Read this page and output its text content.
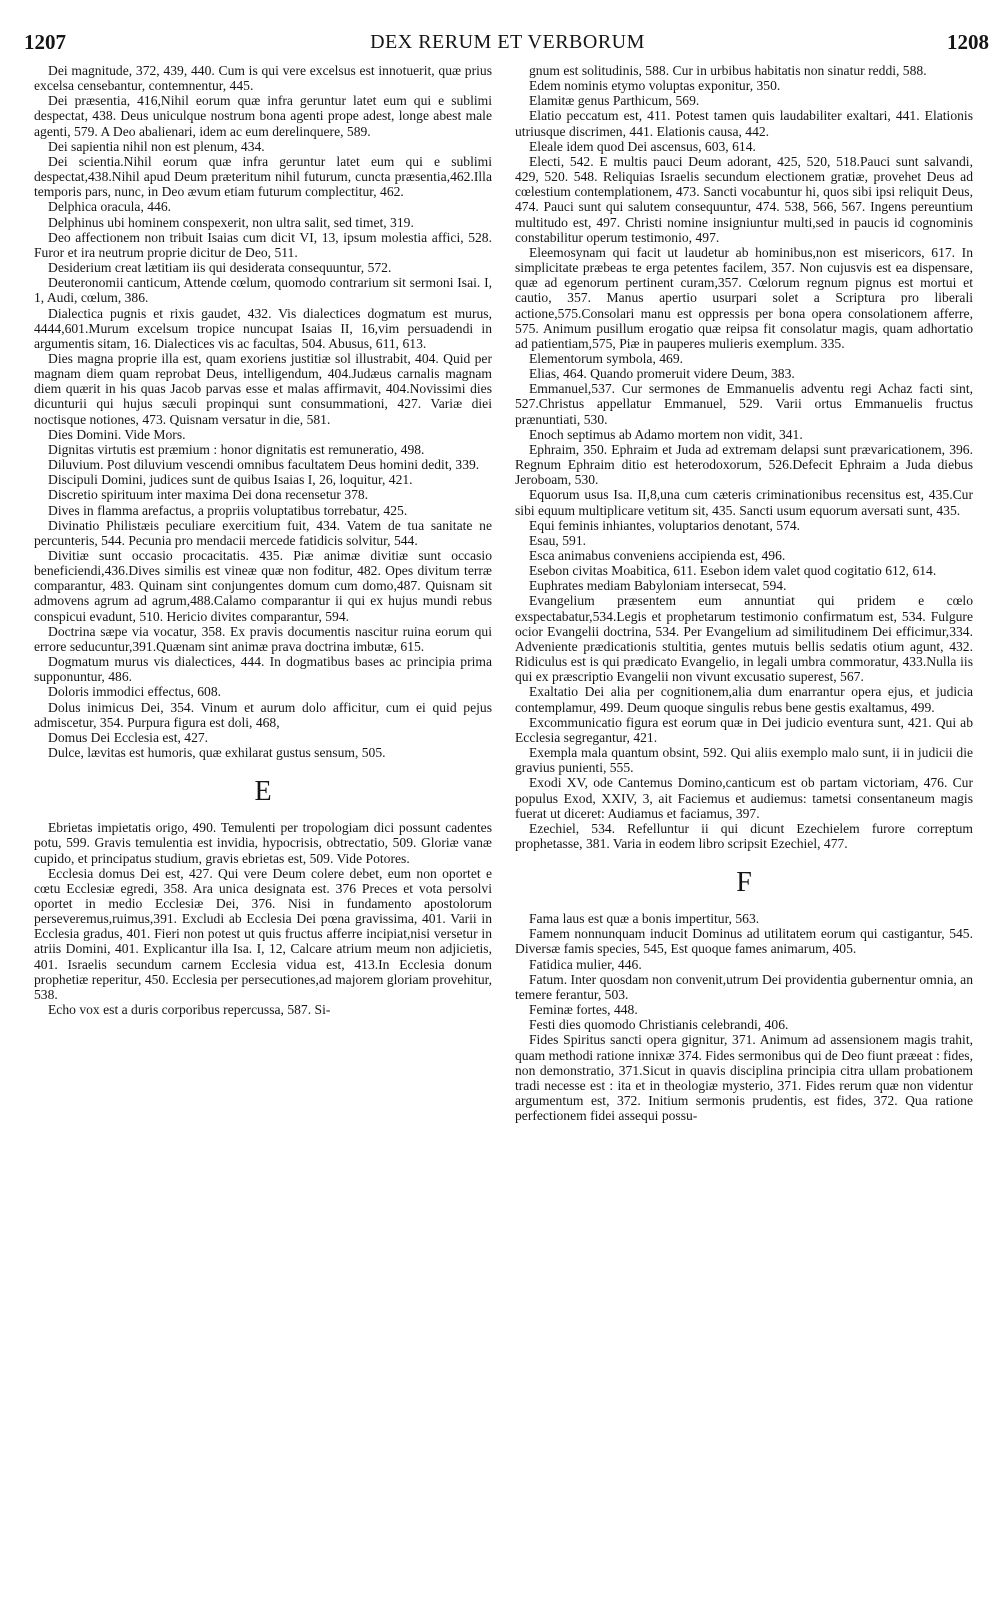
1207	DEX RERUM ET VERBORUM	1208

Dei magnitude, 372, 439, 440. Cum is qui vere excelsus est innotuerit, quæ prius excelsa censebantur, contemnentur, 445.

Dei præsentia, 416,Nihil eorum quæ infra geruntur latet eum qui e sublimi despectat, 438. Deus uniculque nostrum bona agenti prope adest, longe abest male agenti, 579. A Deo abalienari, idem ac eum derelinquere, 589.

Dei sapientia nihil non est plenum, 434.

Dei scientia.Nihil eorum quæ infra geruntur latet eum qui e sublimi despectat,438.Nihil apud Deum præteritum nihil futurum, cuncta præsentia,462.Illa temporis pars, nunc, in Deo ævum etiam futurum complectitur, 462.

Delphica oracula, 446.

Delphinus ubi hominem conspexerit, non ultra salit, sed timet, 319.

Deo affectionem non tribuit Isaias cum dicit VI, 13, ipsum molestia affici, 528. Furor et ira neutrum proprie dicitur de Deo, 511.

Desiderium creat lætitiam iis qui desiderata consequuntur, 572.

Deuteronomii canticum, Attende cœlum, quomodo contrarium sit sermoni Isai. I, 1, Audi, cœlum, 386.

Dialectica pugnis et rixis gaudet, 432. Vis dialectices dogmatum est murus, 4444,601.Murum excelsum tropice nuncupat Isaias II, 16,vim persuadendi in argumentis sitam, 16. Dialectices vis ac facultas, 504. Abusus, 611, 613.

Dies magna proprie illa est, quam exoriens justitiæ sol illustrabit, 404. Quid per magnam diem quam reprobat Deus, intelligendum, 404.Judæus carnalis magnam diem quærit in his quas Jacob parvas esse et malas affirmavit, 404.Novissimi dies dicunturii qui hujus sæculi propinqui sunt consummationi, 427. Variæ diei noctisque notiones, 473. Quisnam versatur in die, 581.

Dies Domini. Vide Mors.

Dignitas virtutis est præmium : honor dignitatis est remuneratio, 498.

Diluvium. Post diluvium vescendi omnibus facultatem Deus homini dedit, 339.

Discipuli Domini, judices sunt de quibus Isaias I, 26, loquitur, 421.

Discretio spirituum inter maxima Dei dona recensetur 378.

Dives in flamma arefactus, a propriis voluptatibus torrebatur, 425.

Divinatio Philistæis peculiare exercitium fuit, 434. Vatem de tua sanitate ne percunteris, 544. Pecunia pro mendacii mercede fatidicis solvitur, 544.

Divitiæ sunt occasio procacitatis. 435. Piæ animæ divitiæ sunt occasio beneficiendi,436.Dives similis est vineæ quæ non foditur, 482. Opes divitum terræ comparantur, 483. Quinam sint conjungentes domum cum domo,487. Quisnam sit admovens agrum ad agrum,488.Calamo comparantur ii qui ex hujus mundi rebus conspicui evadunt, 510. Hericio divites comparantur, 594.

Doctrina sæpe via vocatur, 358. Ex pravis documentis nascitur ruina eorum qui errore seducuntur,391.Quænam sint animæ prava doctrina imbutæ, 615.

Dogmatum murus vis dialectices, 444. In dogmatibus bases ac principia prima supponuntur, 486.

Doloris immodici effectus, 608.

Dolus inimicus Dei, 354. Vinum et aurum dolo afficitur, cum ei quid pejus admiscetur, 354. Purpura figura est doli, 468,

Domus Dei Ecclesia est, 427.

Dulce, lævitas est humoris, quæ exhilarat gustus sensum, 505.

E

Ebrietas impietatis origo, 490. Temulenti per tropologiam dici possunt cadentes potu, 599. Gravis temulentia est invidia, hypocrisis, obtrectatio, 509. Gloriæ vanæ cupido, et principatus studium, gravis ebrietas est, 509. Vide Potores.

Ecclesia domus Dei est, 427. Qui vere Deum colere debet, eum non oportet e cœtu Ecclesiæ egredi, 358. Ara unica designata est. 376 Preces et vota persolvi oportet in medio Ecclesiæ Dei, 376. Nisi in fundamento apostolorum perseveremus,ruimus,391. Excludi ab Ecclesia Dei pœna gravissima, 401. Varii in Ecclesia gradus, 401. Fieri non potest ut quis fructus afferre incipiat,nisi versetur in atriis Domini, 401. Explicantur illa Isa. I, 12, Calcare atrium meum non adjicietis, 401. Israelis secundum carnem Ecclesia vidua est, 413.In Ecclesia donum prophetiæ reperitur, 450. Ecclesia per persecutiones,ad majorem gloriam provehitur, 538.

Echo vox est a duris corporibus repercussa, 587. Si-

gnum est solitudinis, 588. Cur in urbibus habitatis non sinatur reddi, 588.

Edem nominis etymo voluptas exponitur, 350.

Elamitæ genus Parthicum, 569.

Elatio peccatum est, 411. Potest tamen quis laudabiliter exaltari, 441. Elationis utriusque discrimen, 441. Elationis causa, 442.

Eleale idem quod Dei ascensus, 603, 614.

Electi, 542. E multis pauci Deum adorant, 425, 520, 518.Pauci sunt salvandi, 429, 520. 548. Reliquias Israelis secundum electionem gratiæ, provehet Deus ad cœlestium contemplationem, 473. Sancti vocabuntur hi, quos sibi ipsi reliquit Deus, 474. Pauci sunt qui salutem consequuntur, 474. 538, 566, 567. Ingens pereuntium multitudo est, 497. Christi nomine insigniuntur multi,sed in paucis id cognominis constabilitur operum testimonio, 497.

Eleemosynam qui facit ut laudetur ab hominibus,non est misericors, 617. In simplicitate præbeas te erga petentes facilem, 357. Non cujusvis est ea dispensare, quæ ad egenorum pertinent curam,357. Cœlorum regnum pignus est mortui et cautio, 357. Manus apertio usurpari solet a Scriptura pro liberali actione,575.Consolari manu est oppressis per bona opera consolationem afferre, 575. Animum pusillum erogatio quæ reipsa fit consolatur magis, quam adhortatio ad patientiam,575, Piæ in pauperes mulieris exemplum. 335.

Elementorum symbola, 469.

Elias, 464. Quando promeruit videre Deum, 383.

Emmanuel,537. Cur sermones de Emmanuelis adventu regi Achaz facti sint, 527.Christus appellatur Emmanuel, 529. Varii ortus Emmanuelis fructus prænuntiati, 530.

Enoch septimus ab Adamo mortem non vidit, 341.

Ephraim, 350. Ephraim et Juda ad extremam delapsi sunt prævaricationem, 396. Regnum Ephraim ditio est heterodoxorum, 526.Defecit Ephraim a Juda diebus Jeroboam, 530.

Equorum usus Isa. II,8,una cum cæteris criminationibus recensitus est, 435.Cur sibi equum multiplicare vetitum sit, 435. Sancti usum equorum aversati sunt, 435.

Equi feminis inhiantes, voluptarios denotant, 574.

Esau, 591.

Esca animabus conveniens accipienda est, 496.

Esebon civitas Moabitica, 611. Esebon idem valet quod cogitatio 612, 614.

Euphrates mediam Babyloniam intersecat, 594.

Evangelium præsentem eum annuntiat qui pridem e cœlo exspectabatur,534.Legis et prophetarum testimonio confirmatum est, 534. Fulgure ocior Evangelii doctrina, 534. Per Evangelium ad similitudinem Dei efficimur,334. Adveniente prædicationis stultitia, gentes mutuis bellis sedatis otium agunt, 432. Ridiculus est is qui prædicato Evangelio, in legali umbra commoratur, 433.Nulla iis qui ex præscriptio Evangelii non vivunt excusatio superest, 567.

Exaltatio Dei alia per cognitionem,alia dum enarrantur opera ejus, et judicia contemplamur, 499. Deum quoque singulis rebus bene gestis exaltamus, 499.

Excommunicatio figura est eorum quæ in Dei judicio eventura sunt, 421. Qui ab Ecclesia segregantur, 421.

Exempla mala quantum obsint, 592. Qui aliis exemplo malo sunt, ii in judicii die gravius punienti, 555.

Exodi XV, ode Cantemus Domino,canticum est ob partam victoriam, 476. Cur populus Exod, XXIV, 3, ait Faciemus et audiemus: tametsi consentaneum magis fuerat ut diceret: Audiamus et faciamus, 397.

Ezechiel, 534. Refelluntur ii qui dicunt Ezechielem furore correptum prophetasse, 381. Varia in eodem libro scripsit Ezechiel, 477.

F

Fama laus est quæ a bonis impertitur, 563.

Famem nonnunquam inducit Dominus ad utilitatem eorum qui castigantur, 545. Diversæ famis species, 545, Est quoque fames animarum, 405.

Fatidica mulier, 446.

Fatum. Inter quosdam non convenit,utrum Dei providentia gubernentur omnia, an temere ferantur, 503.

Feminæ fortes, 448.

Festi dies quomodo Christianis celebrandi, 406.

Fides Spiritus sancti opera gignitur, 371. Animum ad assensionem magis trahit, quam methodi ratione innixæ 374. Fides sermonibus qui de Deo fiunt præeat : fides, non demonstratio, 371.Sicut in quavis disciplina principia citra ullam probationem tradi necesse est : ita et in theologiæ mysterio, 371. Fides rerum quæ non videntur argumentum est, 372. Initium sermonis prudentis, est fides, 372. Qua ratione perfectionem fidei assequi possu-
